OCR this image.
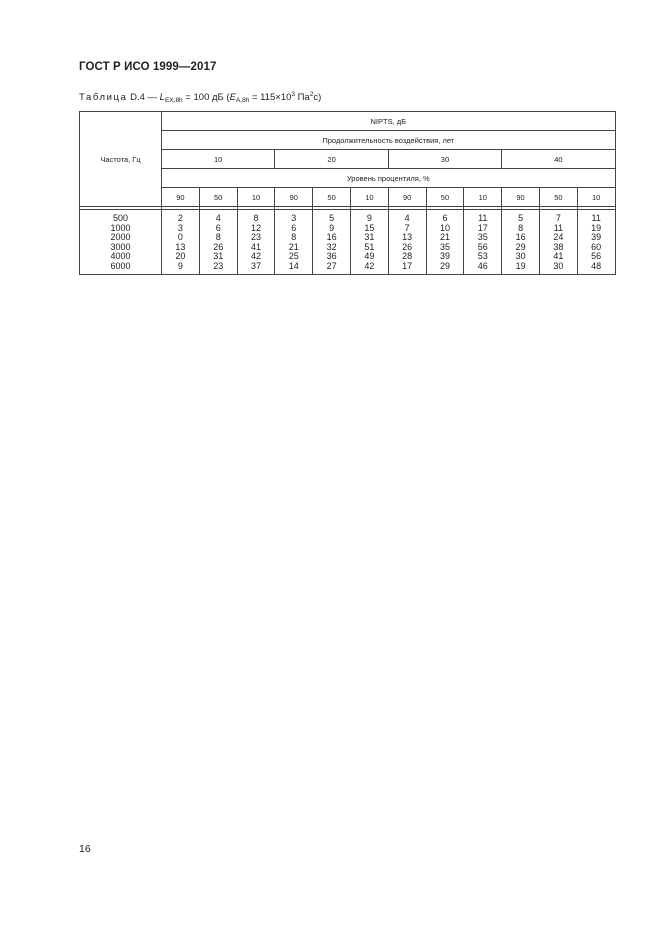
ГОСТ Р ИСО 1999—2017
Таблица D.4 — $L_{EX,8h} = 100$ дБ ($E_{A,8h} = 115\times 10^3$ $Па^2с$)
Частота, Гц	NIPTS, дБ											
	Продолжительность воздействия, лет											
	10			20			30			40		
	Уровень процентиля, %											
	90	50	10	90	50	10	90	50	10	90	50	10

500	2	4	8	3	5	9	4	6	11	5	7	11
1000	3	6	12	6	9	15	7	10	17	8	11	19
2000	0	8	23	8	16	31	13	21	35	16	24	39
3000	13	26	41	21	32	51	26	35	56	29	38	60
4000	20	31	42	25	36	49	28	39	53	30	41	56
6000	9	23	37	14	27	42	17	29	46	19	30	48
16
